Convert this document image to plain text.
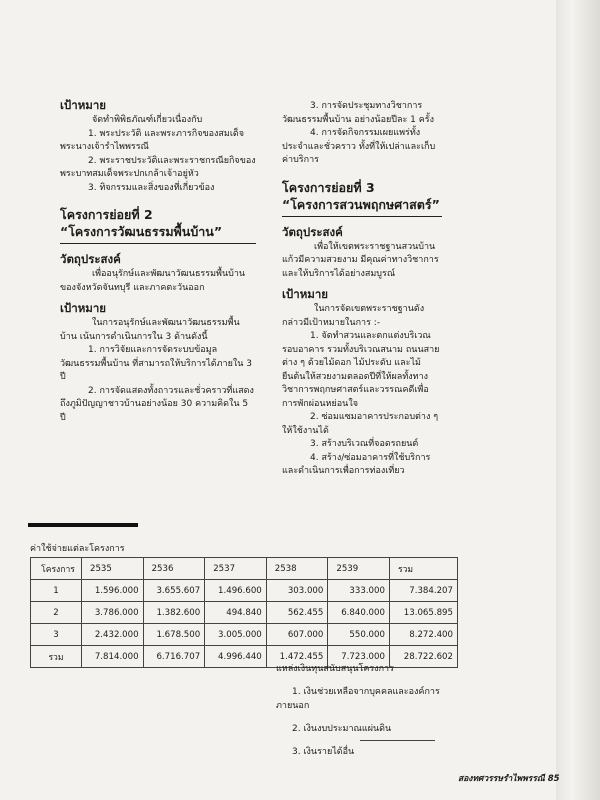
เป้าหมาย

จัดทำพิพิธภัณฑ์เกี่ยวเนื่องกับ

1. พระประวัติ และพระภารกิจของสมเด็จพระนางเจ้ารำไพพรรณี

2. พระราชประวัติและพระราชกรณียกิจของพระบาทสมเด็จพระปกเกล้าเจ้าอยู่หัว

3. ทิจกรรมและสิ่งของที่เกี่ยวข้อง

โครงการย่อยที่ 2

“โครงการวัฒนธรรมพื้นบ้าน”

วัตถุประสงค์

เพื่ออนุรักษ์และพัฒนาวัฒนธรรมพื้นบ้านของจังหวัดจันทบุรี และภาคตะวันออก

เป้าหมาย

ในการอนุรักษ์และพัฒนาวัฒนธรรมพื้นบ้าน เน้นการดำเนินการใน 3 ด้านดังนี้

1. การวิจัยและการจัดระบบข้อมูลวัฒนธรรมพื้นบ้าน ที่สามารถให้บริการได้ภายใน 3 ปี

2. การจัดแสดงทั้งถาวรและชั่วคราวที่แสดงถึงภูมิปัญญาชาวบ้านอย่างน้อย 30 ความคิดใน 5 ปี

3. การจัดประชุมทางวิชาการวัฒนธรรมพื้นบ้าน อย่างน้อยปีละ 1 ครั้ง

4. การจัดกิจกรรมเผยแพร่ทั้งประจำและชั่วคราว ทั้งที่ให้เปล่าและเก็บค่าบริการ

โครงการย่อยที่ 3

“โครงการสวนพฤกษศาสตร์”

วัตถุประสงค์

เพื่อให้เขตพระราชฐานสวนบ้านแก้วมีความสวยงาม มีคุณค่าทางวิชาการและให้บริการได้อย่างสมบูรณ์

เป้าหมาย

ในการจัดเขตพระราชฐานดังกล่าวมีเป้าหมายในการ :-

1. จัดทำสวนและตกแต่งบริเวณรอบอาคาร รวมทั้งบริเวณสนาม ถนนสายต่าง ๆ ด้วยไม้ดอก ไม้ประดับ และไม้ยืนต้นให้สวยงามตลอดปีที่ให้ผลทั้งทางวิชาการพฤกษศาสตร์และวรรณคดีเพื่อการพักผ่อนหย่อนใจ

2. ซ่อมแซมอาคารประกอบต่าง ๆ ให้ใช้งานได้

3. สร้างบริเวณที่จอดรถยนต์

4. สร้าง/ซ่อมอาคารที่ใช้บริการและดำเนินการเพื่อการท่องเที่ยว

ค่าใช้จ่ายแต่ละโครงการ
โครงการ	2535	2536	2537	2538	2539	รวม
1	1.596.000	3.655.607	1.496.600	303.000	333.000	7.384.207
2	3.786.000	1.382.600	494.840	562.455	6.840.000	13.065.895
3	2.432.000	1.678.500	3.005.000	607.000	550.000	8.272.400
รวม	7.814.000	6.716.707	4.996.440	1.472.455	7.723.000	28.722.602

แหล่งเงินทุนสนับสนุนโครงการ

1. เงินช่วยเหลือจากบุคคลและองค์การภายนอก

2. เงินงบประมาณแผ่นดิน

3. เงินรายได้อื่น

สองทศวรรษรำไพพรรณี 85
